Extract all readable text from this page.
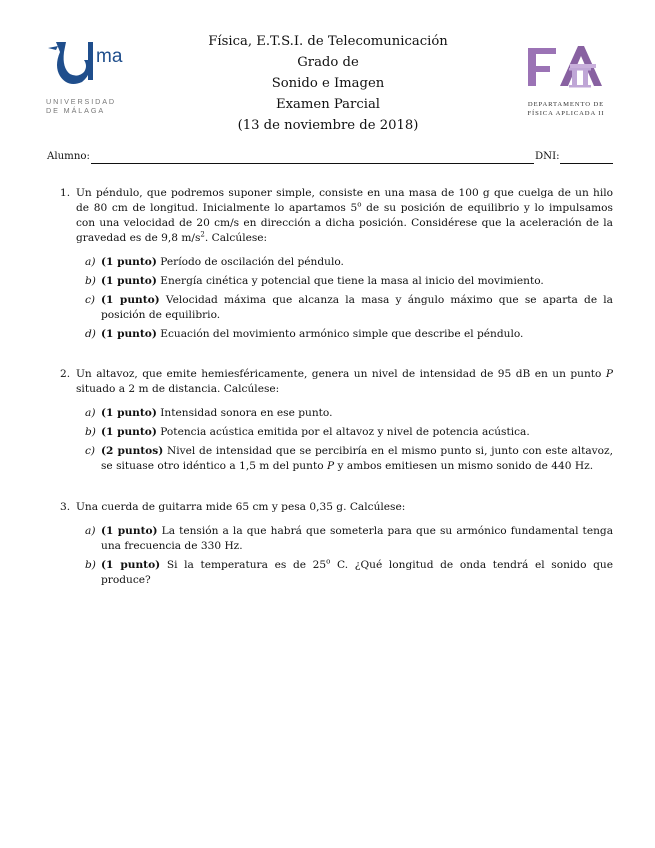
ma
UNIVERSIDAD
DE MÁLAGA
DEPARTAMENTO DE
FÍSICA APLICADA II
Física, E.T.S.I. de Telecomunicación
Grado de
Sonido e Imagen
Examen Parcial
(13 de noviembre de 2018)
Alumno:	DNI:
1. Un péndulo, que podremos suponer simple, consiste en una masa de 100 g que cuelga de un hilo de 80 cm de longitud. Inicialmente lo apartamos 5$^o$ de su posición de equilibrio y lo impulsamos con una velocidad de 20 cm/s en dirección a dicha posición. Considérese que la aceleración de la gravedad es de 9,8 $m/s^2$. Calcúlese:
a) (1 punto) Período de oscilación del péndulo.
b) (1 punto) Energía cinética y potencial que tiene la masa al inicio del movimiento.
c) (1 punto) Velocidad máxima que alcanza la masa y ángulo máximo que se aparta de la posición de equilibrio.
d) (1 punto) Ecuación del movimiento armónico simple que describe el péndulo.
2. Un altavoz, que emite hemiesféricamente, genera un nivel de intensidad de 95 dB en un punto P situado a 2 m de distancia. Calcúlese:
a) (1 punto) Intensidad sonora en ese punto.
b) (1 punto) Potencia acústica emitida por el altavoz y nivel de potencia acústica.
c) (2 puntos) Nivel de intensidad que se percibiría en el mismo punto si, junto con este altavoz, se situase otro idéntico a 1,5 m del punto P y ambos emitiesen un mismo sonido de 440 Hz.
3. Una cuerda de guitarra mide 65 cm y pesa 0,35 g. Calcúlese:
a) (1 punto) La tensión a la que habrá que someterla para que su armónico fundamental tenga una frecuencia de 330 Hz.
b) (1 punto) Si la temperatura es de 25$^o$ C. ¿Qué longitud de onda tendrá el sonido que produce?
